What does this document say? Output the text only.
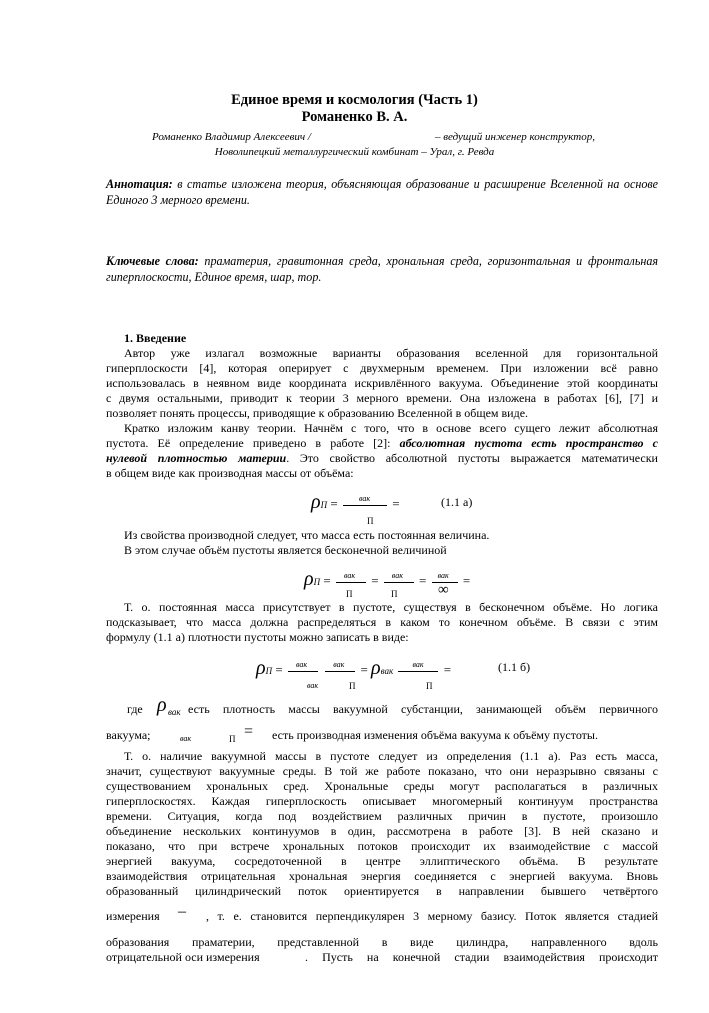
Единое время и космология (Часть 1)
Романенко В. А.
Романенко Владимир Алексеевич /	– ведущий инженер конструктор,
Новолипецкий металлургический комбинат – Урал, г. Ревда
Аннотация: в статье изложена теория, объясняющая образование и расширение Вселенной на основе Единого 3 мерного времени.
Ключевые слова: праматерия, гравитонная среда, хрональная среда, горизонтальная и фронтальная гиперплоскости, Единое время, шар, тор.
1. Введение
Автор уже излагал возможные варианты образования вселенной для горизонтальной
гиперплоскости [4], которая оперирует с двухмерным временем. При изложении всё равно
использовалась в неявном виде координата искривлённого вакуума. Объединение этой координаты
с двумя остальными, приводит к теории 3 мерного времени. Она изложена в работах [6], [7] и
позволяет понять процессы, приводящие к образованию Вселенной в общем виде.
Кратко изложим канву теории. Начнём с того, что в основе всего сущего лежит абсолютная
пустота. Её определение приведено в работе [2]: абсолютная пустота есть пространство с
нулевой плотностью материи. Это свойство абсолютной пустоты выражается математически
в общем виде как производная массы от объёма:
ρП =	вак =
П
(1.1 а)
Из свойства производной следует, что масса есть постоянная величина.
В этом случае объём пустоты является бесконечной величиной
ρП = вак = вак = вак =
П	П	∞
Т. о. постоянная масса присутствует в пустоте, существуя в бесконечном объёме. Но логика
подсказывает, что масса должна распределяться в каком то конечном объёме. В связи с этим
формулу (1.1 а) плотности пустоты можно записать в виде:
ρП = вак
	вак = ρвак
вак =
вак	П	П
(1.1 б)
где ρ вак есть плотность массы вакуумной субстанции, занимающей объём первичного
вакуума;	вак	П = есть производная изменения объёма вакуума к объёму пустоты.
Т. о. наличие вакуумной массы в пустоте следует из определения (1.1 а). Раз есть масса,
значит, существуют вакуумные среды. В той же работе показано, что они неразрывно связаны с
существованием хрональных сред. Хрональные среды могут располагаться в различных
гиперплоскостях. Каждая гиперплоскость описывает многомерный континуум пространства
времени. Ситуация, когда под воздействием различных причин в пустоте, произошло
объединение нескольких континуумов в один, рассмотрена в работе [3]. В ней сказано и
показано, что при встрече хрональных потоков происходит их взаимодействие с массой
энергией вакуума, сосредоточенной в центре эллиптического объёма. В результате
взаимодействия отрицательная хрональная энергия соединяется с энергией вакуума. Вновь
образованный цилиндрический поток ориентируется в направлении бывшего четвёртого
измерения – , т. е. становится перпендикулярен 3 мерному базису. Поток является стадией
образования праматерии, представленной в виде цилиндра, направленного вдоль
отрицательной оси измерения	. Пусть на конечной стадии взаимодействия происходит
